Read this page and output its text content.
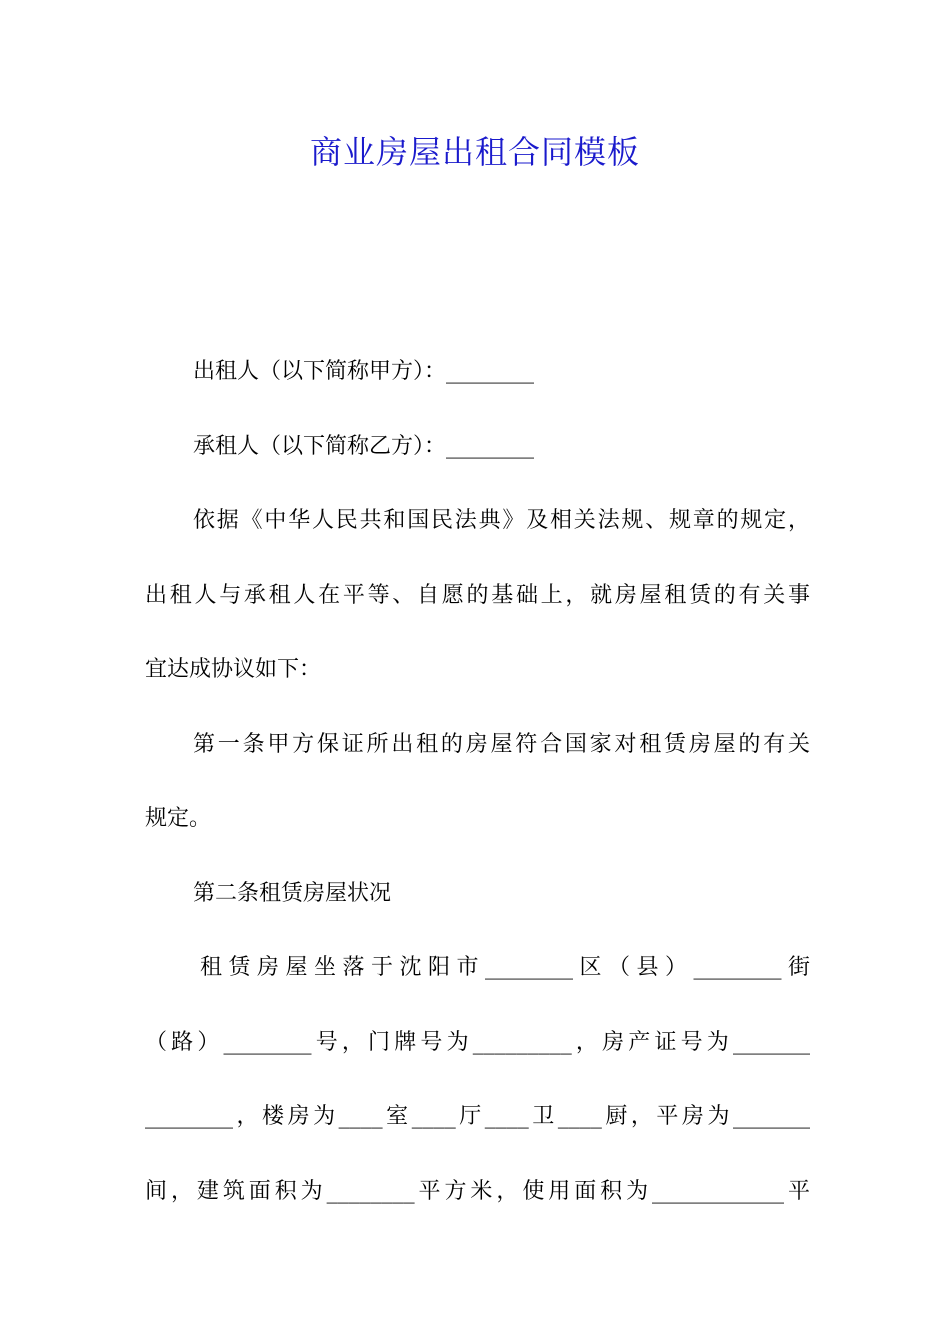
商业房屋出租合同模板
出租人（以下简称甲方）：________
承租人（以下简称乙方）：________
依据《中华人民共和国民法典》及相关法规、规章的规定，
出租人与承租人在平等、自愿的基础上，就房屋租赁的有关事
宜达成协议如下：
第一条甲方保证所出租的房屋符合国家对租赁房屋的有关
规定。
第二条租赁房屋状况
租赁房屋坐落于沈阳市________区（县）________街
（路）________号，门牌号为_________，房产证号为_______
________，楼房为____室____厅____卫____厨，平房为_______
间，建筑面积为________平方米，使用面积为____________平
